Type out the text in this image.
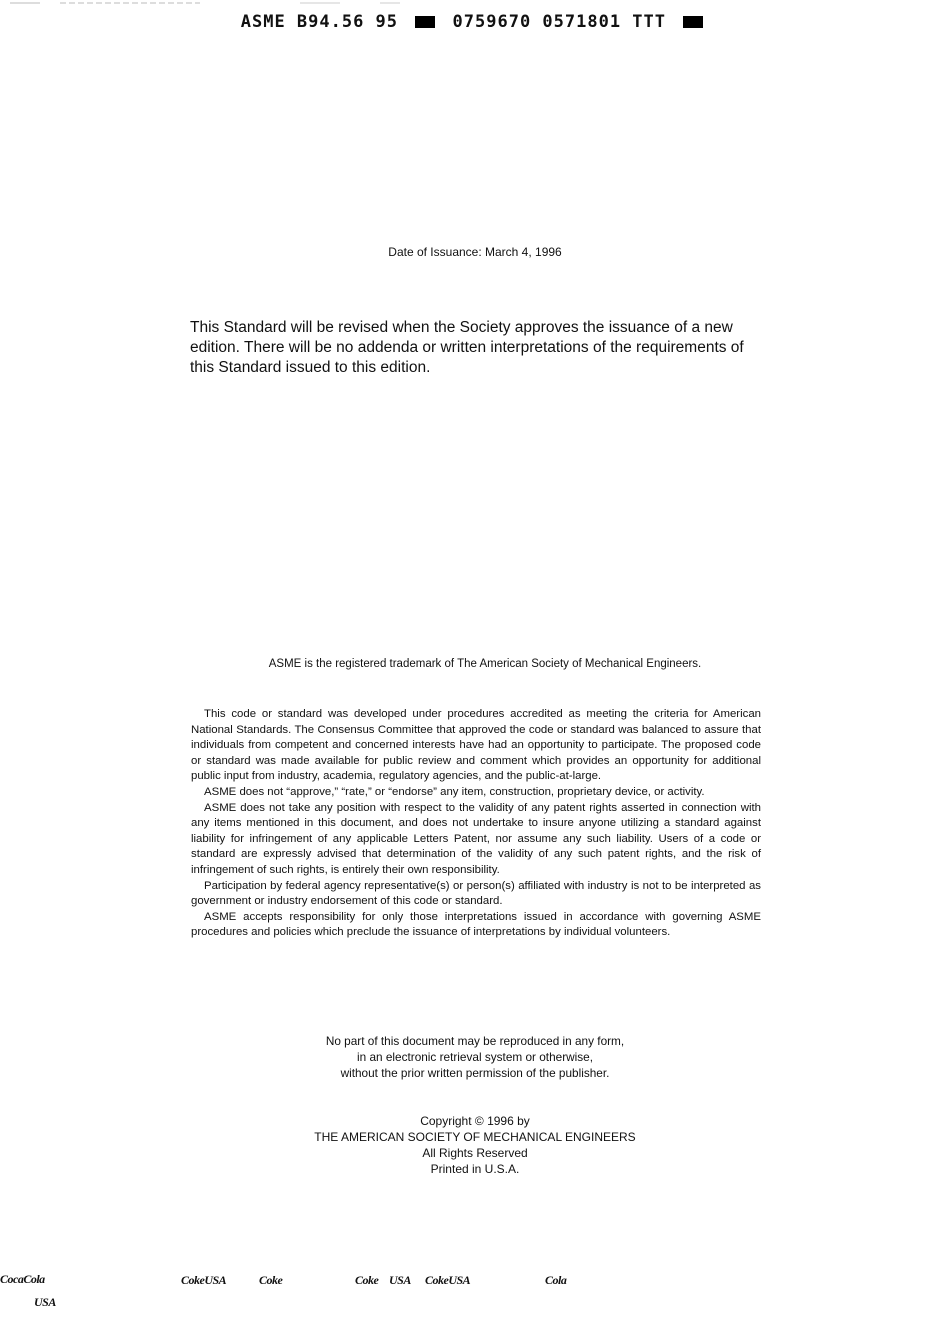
ASME B94.56 95	0759670 0571801 TTT
Date of Issuance: March 4, 1996
This Standard will be revised when the Society approves the issuance of a new edition. There will be no addenda or written interpretations of the requirements of this Standard issued to this edition.
ASME is the registered trademark of The American Society of Mechanical Engineers.

This code or standard was developed under procedures accredited as meeting the criteria for American National Standards. The Consensus Committee that approved the code or standard was balanced to assure that individuals from competent and concerned interests have had an opportunity to participate. The proposed code or standard was made available for public review and comment which provides an opportunity for additional public input from industry, academia, regulatory agencies, and the public-at-large.

ASME does not “approve,” “rate,” or “endorse” any item, construction, proprietary device, or activity.

ASME does not take any position with respect to the validity of any patent rights asserted in connection with any items mentioned in this document, and does not undertake to insure anyone utilizing a standard against liability for infringement of any applicable Letters Patent, nor assume any such liability. Users of a code or standard are expressly advised that determination of the validity of any such patent rights, and the risk of infringement of such rights, is entirely their own responsibility.

Participation by federal agency representative(s) or person(s) affiliated with industry is not to be interpreted as government or industry endorsement of this code or standard.

ASME accepts responsibility for only those interpretations issued in accordance with governing ASME procedures and policies which preclude the issuance of interpretations by individual volunteers.

No part of this document may be reproduced in any form,
in an electronic retrieval system or otherwise,
without the prior written permission of the publisher.
Copyright © 1996 by
THE AMERICAN SOCIETY OF MECHANICAL ENGINEERS
All Rights Reserved
Printed in U.S.A.
CocaCola
USA
CokeUSA	Coke	Coke USA CokeUSA	Cola
